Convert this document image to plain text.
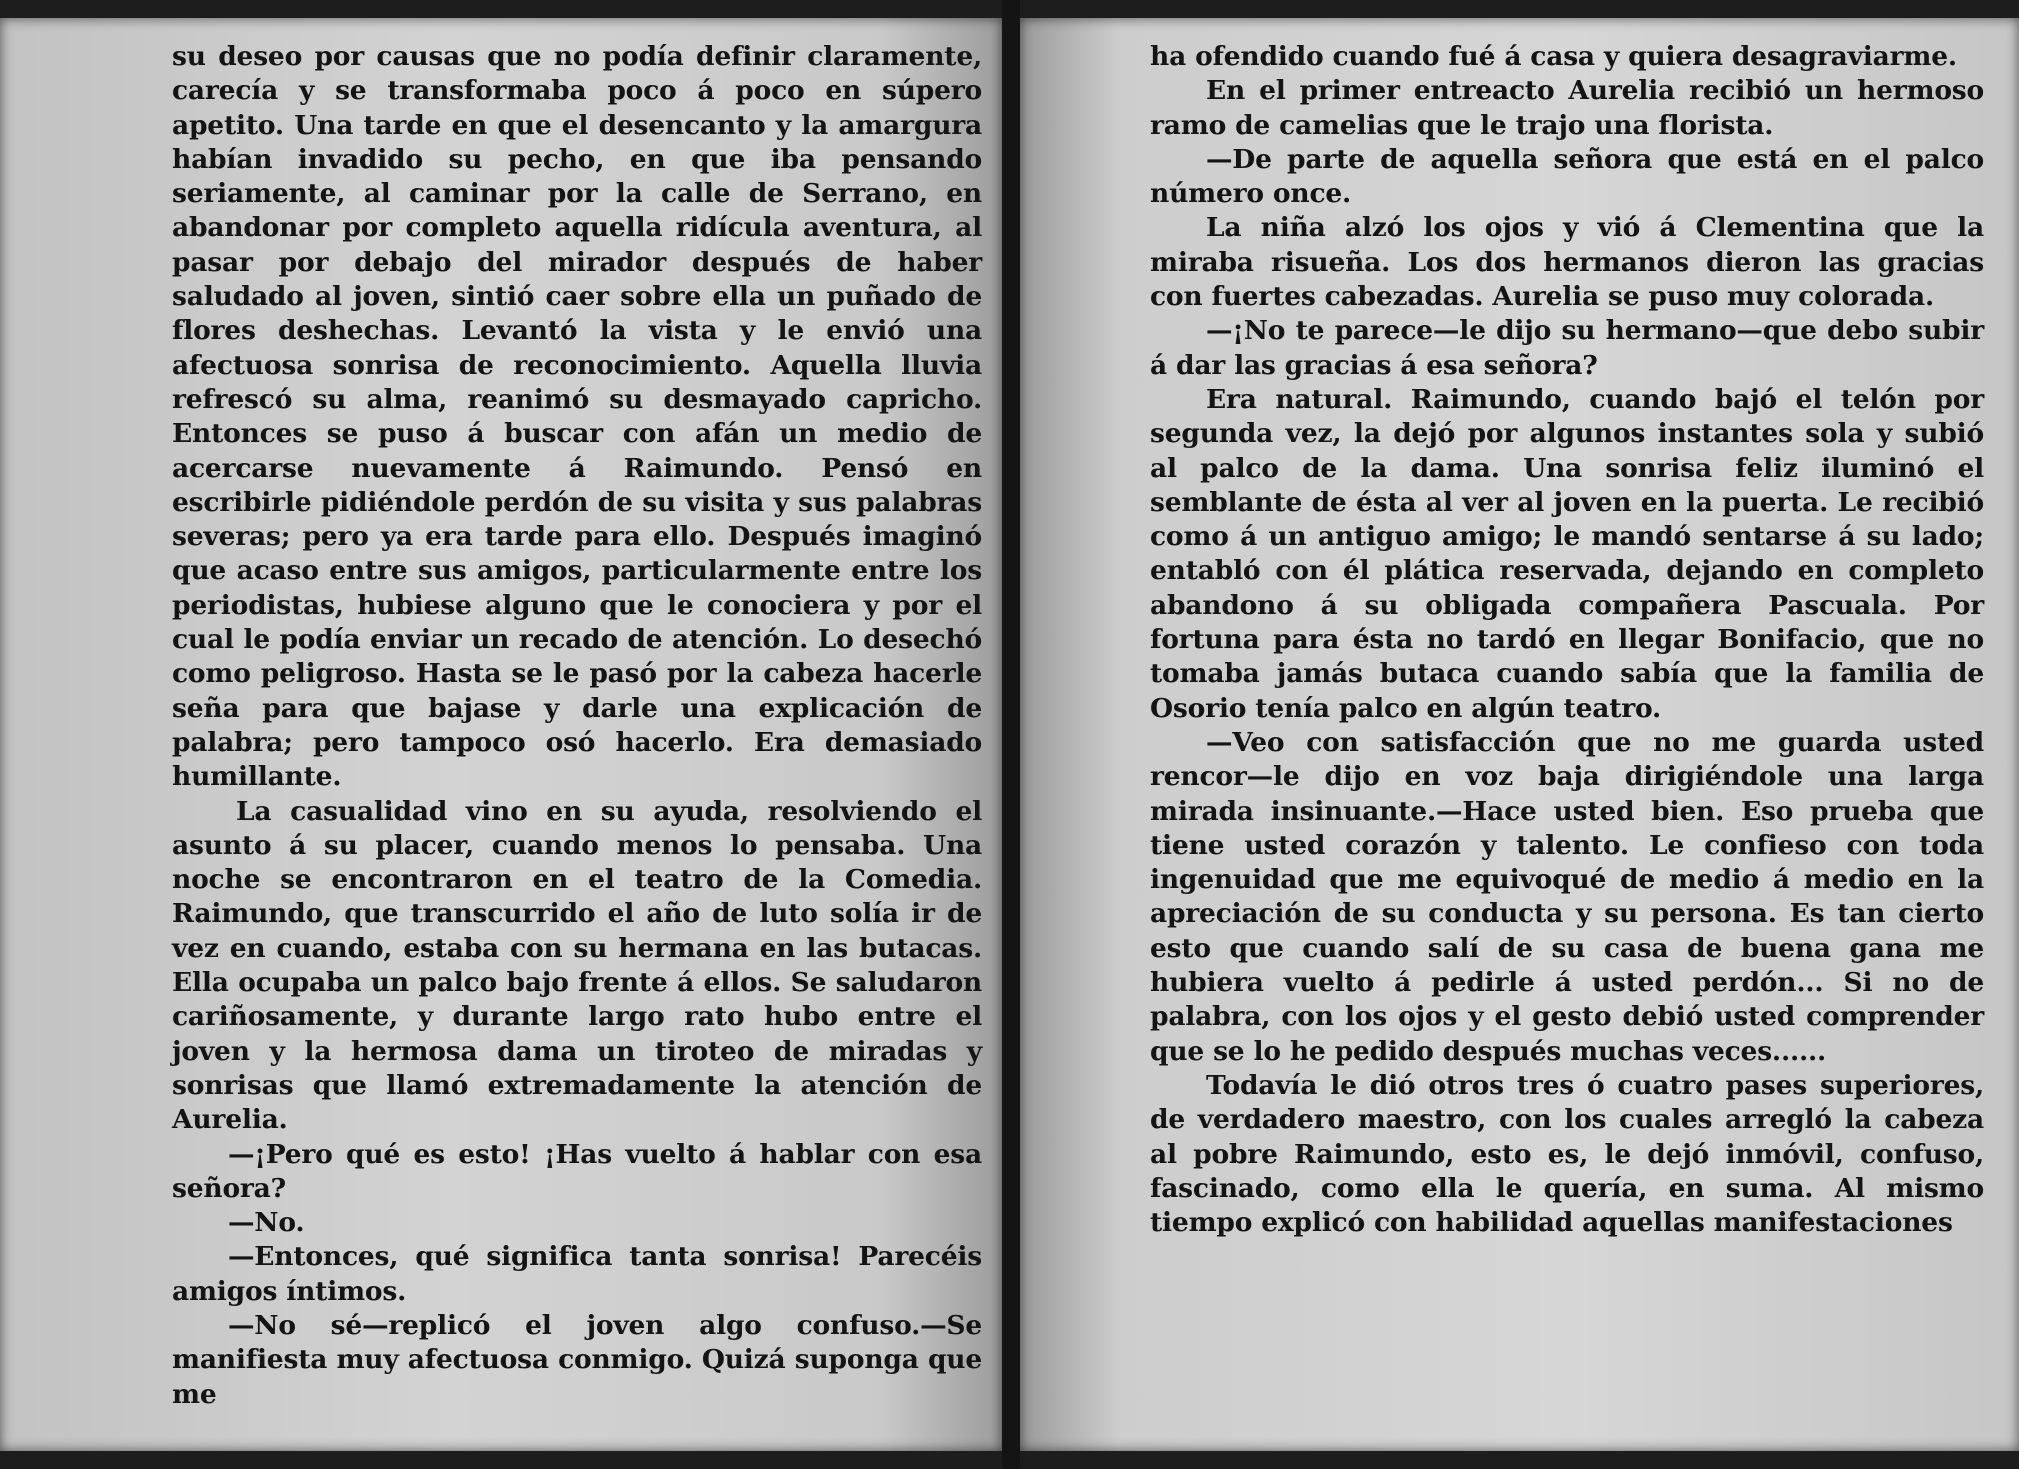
su deseo por causas que no podía definir claramente, carecía y se transformaba poco á poco en súpero apetito. Una tarde en que el desencanto y la amargura habían invadido su pecho, en que iba pensando seriamente, al caminar por la calle de Serrano, en abandonar por completo aquella ridícula aventura, al pasar por debajo del mirador después de haber saludado al joven, sintió caer sobre ella un puñado de flores deshechas. Levantó la vista y le envió una afectuosa sonrisa de reconocimiento. Aquella lluvia refrescó su alma, reanimó su desmayado capricho. Entonces se puso á buscar con afán un medio de acercarse nuevamente á Raimundo. Pensó en escribirle pidiéndole perdón de su visita y sus palabras severas; pero ya era tarde para ello. Después imaginó que acaso entre sus amigos, particularmente entre los periodistas, hubiese alguno que le conociera y por el cual le podía enviar un recado de atención. Lo desechó como peligroso. Hasta se le pasó por la cabeza hacerle seña para que bajase y darle una explicación de palabra; pero tampoco osó hacerlo. Era demasiado humillante.

La casualidad vino en su ayuda, resolviendo el asunto á su placer, cuando menos lo pensaba. Una noche se encontraron en el teatro de la Comedia. Raimundo, que transcurrido el año de luto solía ir de vez en cuando, estaba con su hermana en las butacas. Ella ocupaba un palco bajo frente á ellos. Se saludaron cariñosamente, y durante largo rato hubo entre el joven y la hermosa dama un tiroteo de miradas y sonrisas que llamó extremadamente la atención de Aurelia.

—¡Pero qué es esto! ¡Has vuelto á hablar con esa señora?

—No.

—Entonces, qué significa tanta sonrisa! Parecéis amigos íntimos.

—No sé—replicó el joven algo confuso.—Se manifiesta muy afectuosa conmigo. Quizá suponga que me

ha ofendido cuando fué á casa y quiera desagraviarme.

En el primer entreacto Aurelia recibió un hermoso ramo de camelias que le trajo una florista.

—De parte de aquella señora que está en el palco número once.

La niña alzó los ojos y vió á Clementina que la miraba risueña. Los dos hermanos dieron las gracias con fuertes cabezadas. Aurelia se puso muy colorada.

—¡No te parece—le dijo su hermano—que debo subir á dar las gracias á esa señora?

Era natural. Raimundo, cuando bajó el telón por segunda vez, la dejó por algunos instantes sola y subió al palco de la dama. Una sonrisa feliz iluminó el semblante de ésta al ver al joven en la puerta. Le recibió como á un antiguo amigo; le mandó sentarse á su lado; entabló con él plática reservada, dejando en completo abandono á su obligada compañera Pascuala. Por fortuna para ésta no tardó en llegar Bonifacio, que no tomaba jamás butaca cuando sabía que la familia de Osorio tenía palco en algún teatro.

—Veo con satisfacción que no me guarda usted rencor—le dijo en voz baja dirigiéndole una larga mirada insinuante.—Hace usted bien. Eso prueba que tiene usted corazón y talento. Le confieso con toda ingenuidad que me equivoqué de medio á medio en la apreciación de su conducta y su persona. Es tan cierto esto que cuando salí de su casa de buena gana me hubiera vuelto á pedirle á usted perdón... Si no de palabra, con los ojos y el gesto debió usted comprender que se lo he pedido después muchas veces......

Todavía le dió otros tres ó cuatro pases superiores, de verdadero maestro, con los cuales arregló la cabeza al pobre Raimundo, esto es, le dejó inmóvil, confuso, fascinado, como ella le quería, en suma. Al mismo tiempo explicó con habilidad aquellas manifestaciones
